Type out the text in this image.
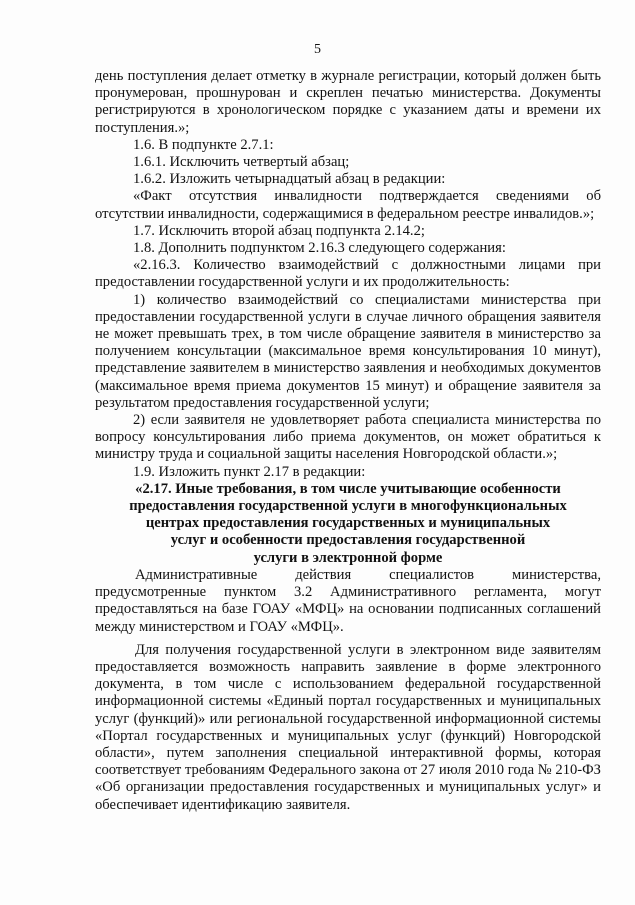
5

день поступления делает отметку в журнале регистрации, который должен быть пронумерован, прошнурован и скреплен печатью министерства. Документы регистрируются в хронологическом порядке с указанием даты и времени их поступления.»;

1.6. В подпункте 2.7.1:

1.6.1. Исключить четвертый абзац;

1.6.2. Изложить четырнадцатый абзац в редакции:

«Факт отсутствия инвалидности подтверждается сведениями об отсутствии инвалидности, содержащимися в федеральном реестре инвалидов.»;

1.7. Исключить второй абзац подпункта 2.14.2;

1.8. Дополнить подпунктом 2.16.3 следующего содержания:

«2.16.3. Количество взаимодействий с должностными лицами при предоставлении государственной услуги и их продолжительность:

1) количество взаимодействий со специалистами министерства при предоставлении государственной услуги в случае личного обращения заявителя не может превышать трех, в том числе обращение заявителя в министерство за получением консультации (максимальное время консультирования 10 минут), представление заявителем в министерство заявления и необходимых документов (максимальное время приема документов 15 минут) и обращение заявителя за результатом предоставления государственной услуги;

2) если заявителя не удовлетворяет работа специалиста министерства по вопросу консультирования либо приема документов, он может обратиться к министру труда и социальной защиты населения Новгородской области.»;

1.9. Изложить пункт 2.17 в редакции:

«2.17. Иные требования, в том числе учитывающие особенности
предоставления государственной услуги в многофункциональных
центрах предоставления государственных и муниципальных
услуг и особенности предоставления государственной
услуги в электронной форме

Административные действия специалистов министерства, предусмотренные пунктом 3.2 Административного регламента, могут предоставляться на базе ГОАУ «МФЦ» на основании подписанных соглашений между министерством и ГОАУ «МФЦ».

Для получения государственной услуги в электронном виде заявителям предоставляется возможность направить заявление в форме электронного документа, в том числе с использованием федеральной государственной информационной системы «Единый портал государственных и муниципальных услуг (функций)» или региональной государственной информационной системы «Портал государственных и муниципальных услуг (функций) Новгородской области», путем заполнения специальной интерактивной формы, которая соответствует требованиям Федерального закона от 27 июля 2010 года № 210-ФЗ «Об организации предоставления государственных и муниципальных услуг» и обеспечивает идентификацию заявителя.
